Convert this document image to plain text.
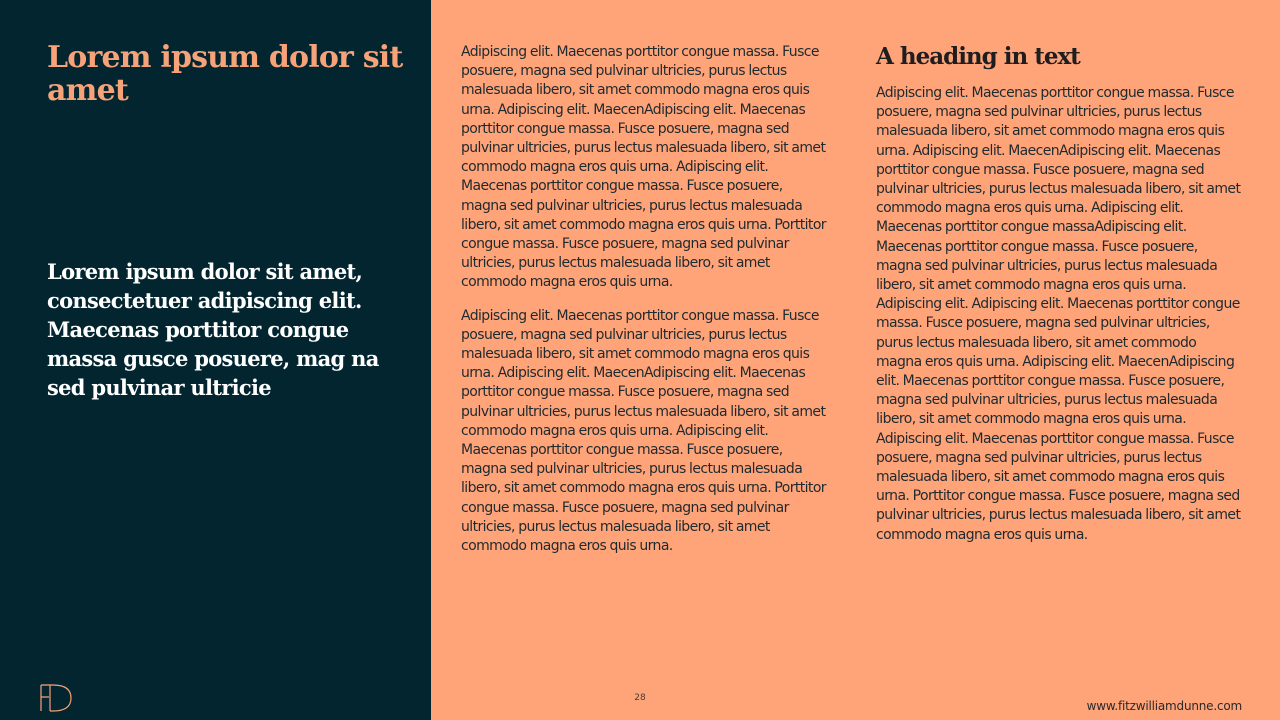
Lorem ipsum dolor sit amet

Lorem ipsum dolor sit amet, consectetuer adipiscing elit. Maecenas porttitor congue massa gusce posuere, mag na sed pulvinar ultricie

Adipiscing elit. Maecenas porttitor congue massa. Fusce posuere, magna sed pulvinar ultricies, purus lectus malesuada libero, sit amet commodo magna eros quis urna. Adipiscing elit. MaecenAdipiscing elit. Maecenas porttitor congue massa. Fusce posuere, magna sed pulvinar ultricies, purus lectus malesuada libero, sit amet commodo magna eros quis urna. Adipiscing elit. Maecenas porttitor congue massa. Fusce posuere, magna sed pulvinar ultricies, purus lectus malesuada libero, sit amet commodo magna eros quis urna. Porttitor congue massa. Fusce posuere, magna sed pulvinar ultricies, purus lectus malesuada libero, sit amet commodo magna eros quis urna.

Adipiscing elit. Maecenas porttitor congue massa. Fusce posuere, magna sed pulvinar ultricies, purus lectus malesuada libero, sit amet commodo magna eros quis urna. Adipiscing elit. MaecenAdipiscing elit. Maecenas porttitor congue massa. Fusce posuere, magna sed pulvinar ultricies, purus lectus malesuada libero, sit amet commodo magna eros quis urna. Adipiscing elit. Maecenas porttitor congue massa. Fusce posuere, magna sed pulvinar ultricies, purus lectus malesuada libero, sit amet commodo magna eros quis urna. Porttitor congue massa. Fusce posuere, magna sed pulvinar ultricies, purus lectus malesuada libero, sit amet commodo magna eros quis urna.

A heading in text

Adipiscing elit. Maecenas porttitor congue massa. Fusce posuere, magna sed pulvinar ultricies, purus lectus malesuada libero, sit amet commodo magna eros quis urna. Adipiscing elit. MaecenAdipiscing elit. Maecenas porttitor congue massa. Fusce posuere, magna sed pulvinar ultricies, purus lectus malesuada libero, sit amet commodo magna eros quis urna. Adipiscing elit. Maecenas porttitor congue massaAdipiscing elit. Maecenas porttitor congue massa. Fusce posuere, magna sed pulvinar ultricies, purus lectus malesuada libero, sit amet commodo magna eros quis urna. Adipiscing elit. Adipiscing elit. Maecenas porttitor congue massa. Fusce posuere, magna sed pulvinar ultricies, purus lectus malesuada libero, sit amet commodo magna eros quis urna. Adipiscing elit. MaecenAdipiscing elit. Maecenas porttitor congue massa. Fusce posuere, magna sed pulvinar ultricies, purus lectus malesuada libero, sit amet commodo magna eros quis urna. Adipiscing elit. Maecenas porttitor congue massa. Fusce posuere, magna sed pulvinar ultricies, purus lectus malesuada libero, sit amet commodo magna eros quis urna. Porttitor congue massa. Fusce posuere, magna sed pulvinar ultricies, purus lectus malesuada libero, sit amet commodo magna eros quis urna.

28
www.fitzwilliamdunne.com
